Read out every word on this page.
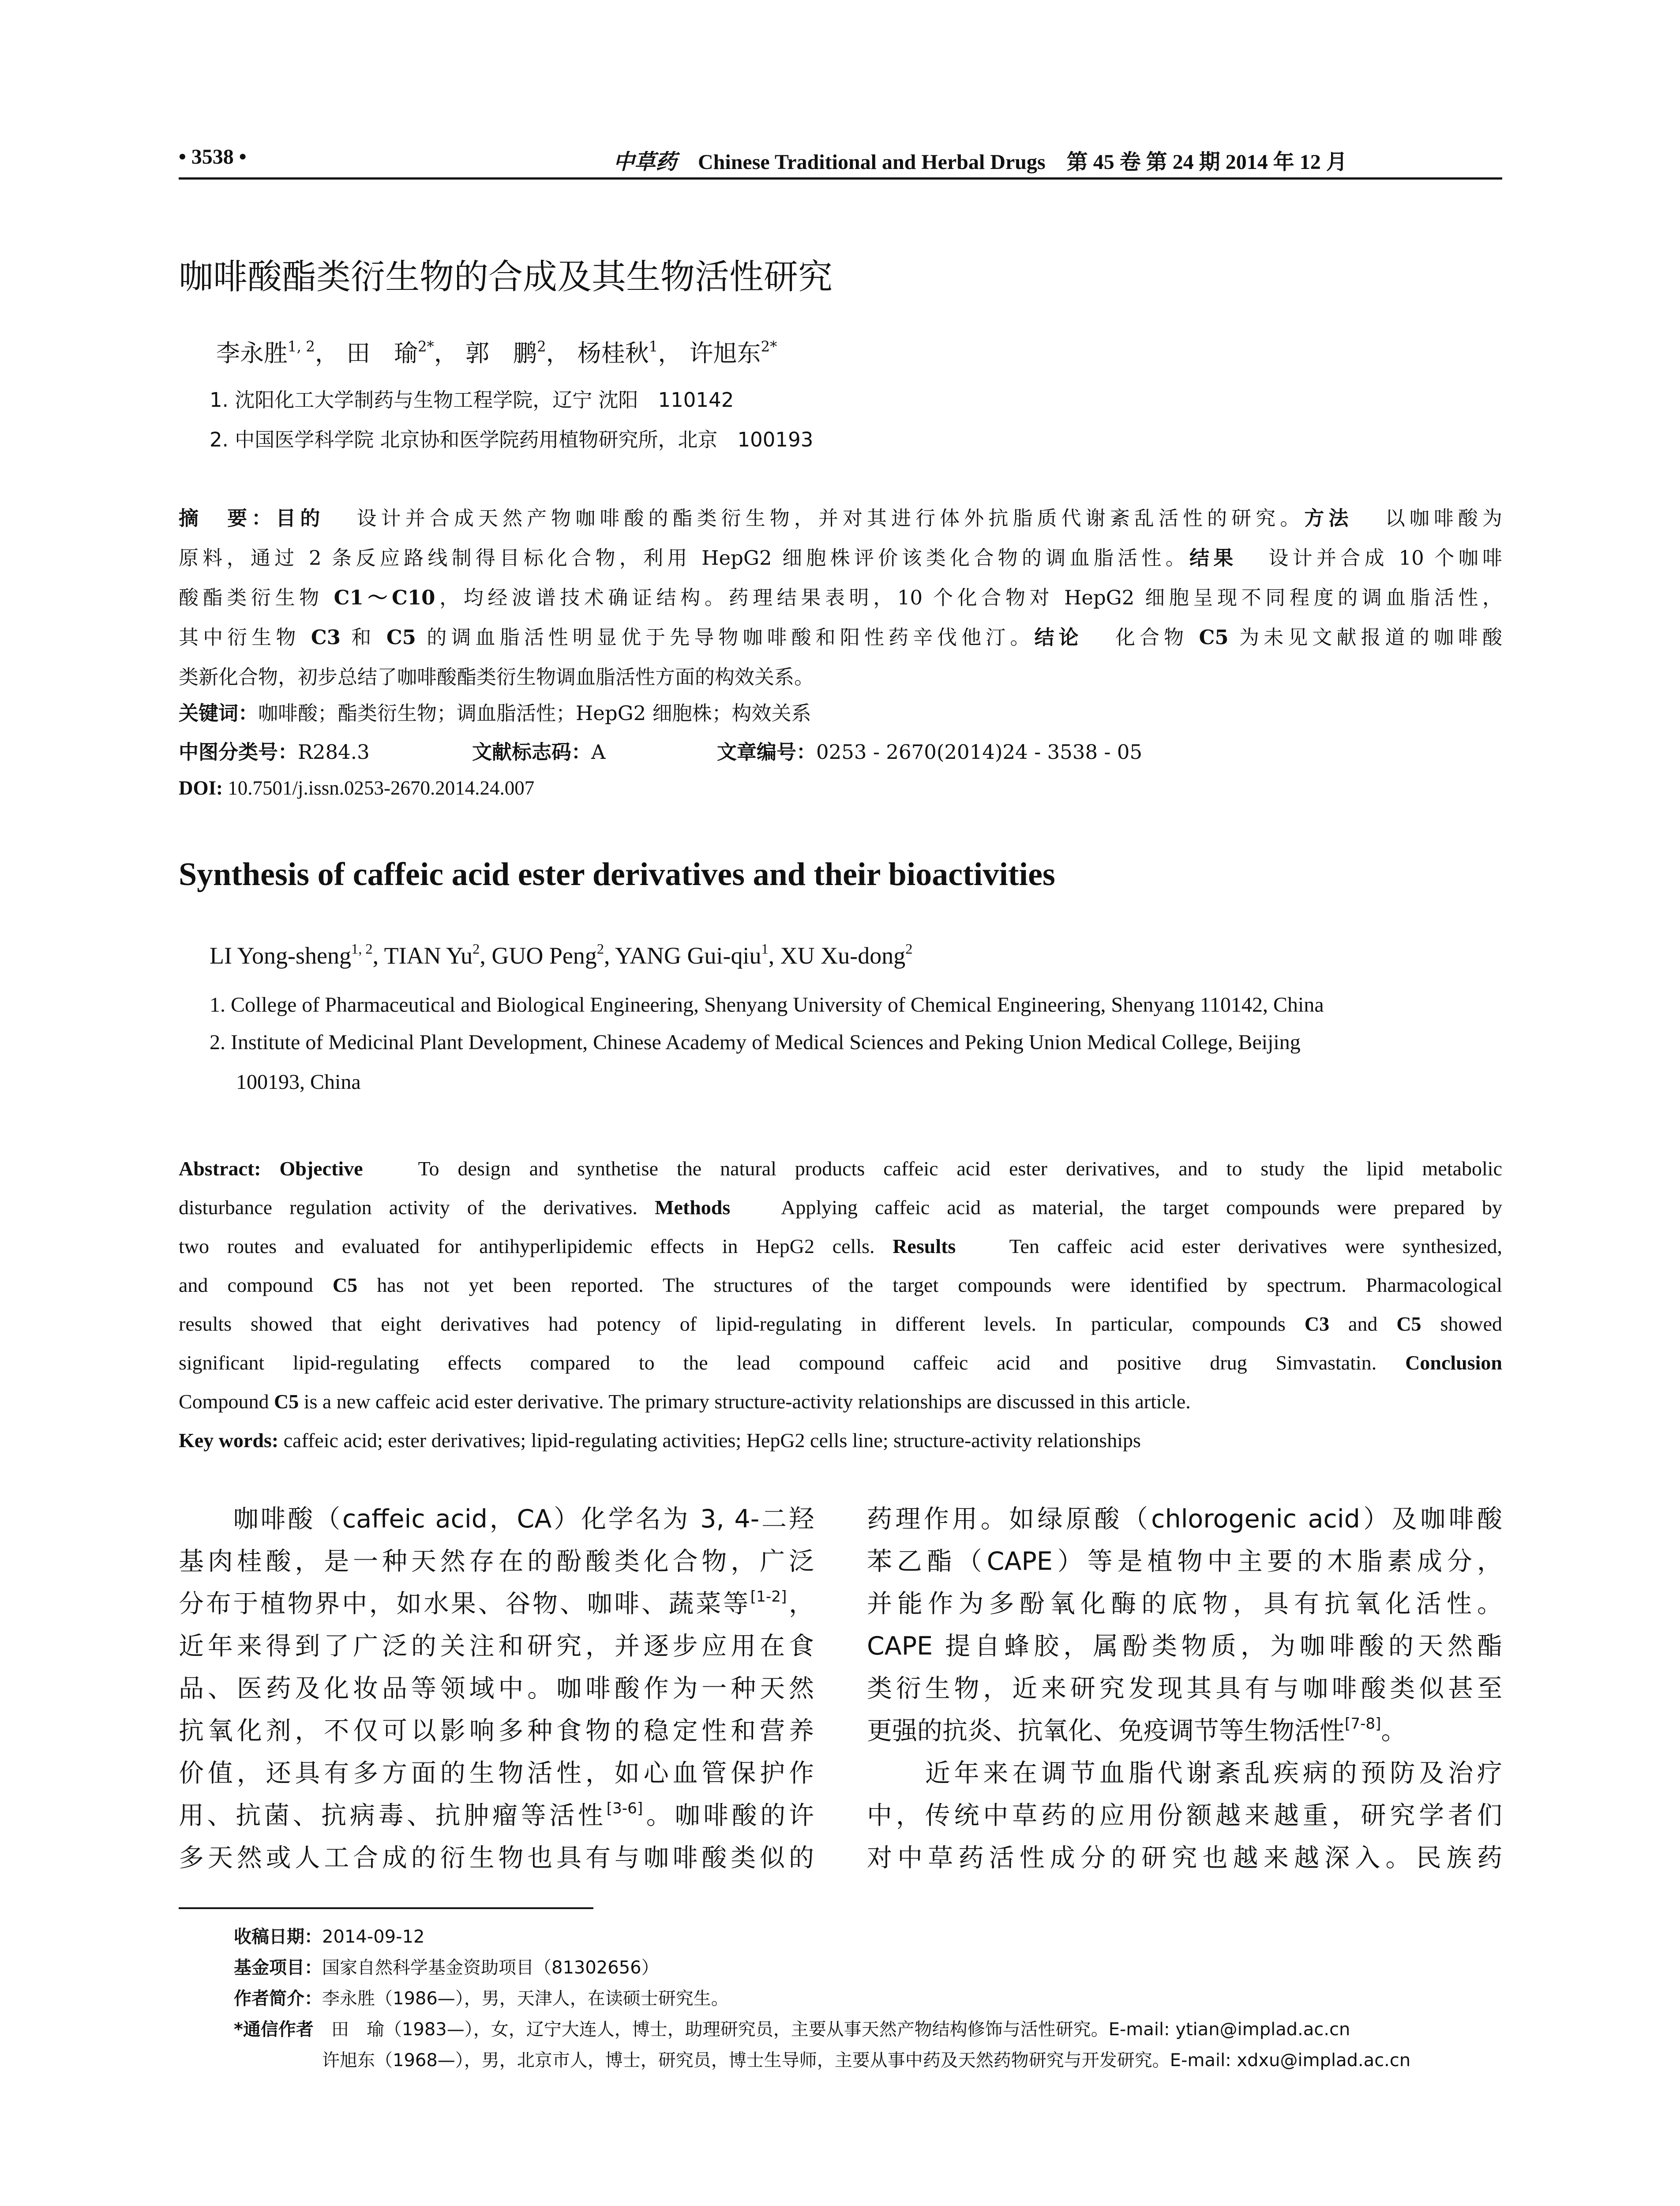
• 3538 •	中草药 Chinese Traditional and Herbal Drugs 第 45 卷 第 24 期 2014 年 12 月
咖啡酸酯类衍生物的合成及其生物活性研究
李永胜$^{1, 2}$， 田　瑜$^{2*}$， 郭　鹏$^2$， 杨桂秋$^1$， 许旭东$^{2*}$
1. 沈阳化工大学制药与生物工程学院，辽宁 沈阳　110142
2. 中国医学科学院 北京协和医学院药用植物研究所，北京　100193
摘　要：目的 设计并合成天然产物咖啡酸的酯类衍生物，并对其进行体外抗脂质代谢紊乱活性的研究。方法 以咖啡酸为
原料，通过 2 条反应路线制得目标化合物，利用 HepG2 细胞株评价该类化合物的调血脂活性。结果 设计并合成 10 个咖啡
酸酯类衍生物 C1～C10，均经波谱技术确证结构。药理结果表明，10 个化合物对 HepG2 细胞呈现不同程度的调血脂活性，
其中衍生物 C3 和 C5 的调血脂活性明显优于先导物咖啡酸和阳性药辛伐他汀。结论 化合物 C5 为未见文献报道的咖啡酸
类新化合物，初步总结了咖啡酸酯类衍生物调血脂活性方面的构效关系。
关键词：咖啡酸；酯类衍生物；调血脂活性；HepG2 细胞株；构效关系
中图分类号：R284.3	文献标志码：A	文章编号：0253 - 2670(2014)24 - 3538 - 05
DOI: 10.7501/j.issn.0253-2670.2014.24.007
Synthesis of caffeic acid ester derivatives and their bioactivities
LI Yong-sheng$^{1, 2}$, TIAN Yu$^2$, GUO Peng$^2$, YANG Gui-qiu$^1$, XU Xu-dong$^2$
1. College of Pharmaceutical and Biological Engineering, Shenyang University of Chemical Engineering, Shenyang 110142, China
2. Institute of Medicinal Plant Development, Chinese Academy of Medical Sciences and Peking Union Medical College, Beijing
100193, China
Abstract: Objective	To design and synthetise the natural products caffeic acid ester derivatives, and to study the lipid metabolic
disturbance regulation activity of the derivatives. Methods Applying caffeic acid as material, the target compounds were prepared by
two routes and evaluated for antihyperlipidemic effects in HepG2 cells. Results	Ten caffeic acid ester derivatives were synthesized,
and compound C5 has not yet been reported. The structures of the target compounds were identified by spectrum. Pharmacological
results showed that eight derivatives had potency of lipid-regulating in different levels. In particular, compounds C3 and C5 showed
significant lipid-regulating effects compared to the lead compound caffeic acid and positive drug Simvastatin. Conclusion
Compound C5 is a new caffeic acid ester derivative. The primary structure-activity relationships are discussed in this article.
Key words: caffeic acid; ester derivatives; lipid-regulating activities; HepG2 cells line; structure-activity relationships
　　咖啡酸（caffeic acid，CA）化学名为 3, 4-二羟
基肉桂酸，是一种天然存在的酚酸类化合物，广泛
分布于植物界中，如水果、谷物、咖啡、蔬菜等[1-2]，
近年来得到了广泛的关注和研究，并逐步应用在食
品、医药及化妆品等领域中。咖啡酸作为一种天然
抗氧化剂，不仅可以影响多种食物的稳定性和营养
价值，还具有多方面的生物活性，如心血管保护作
用、抗菌、抗病毒、抗肿瘤等活性[3-6]。咖啡酸的许
多天然或人工合成的衍生物也具有与咖啡酸类似的
药理作用。如绿原酸（chlorogenic acid）及咖啡酸
苯乙酯（CAPE）等是植物中主要的木脂素成分，
并能作为多酚氧化酶的底物，具有抗氧化活性。
CAPE 提自蜂胶，属酚类物质，为咖啡酸的天然酯
类衍生物，近来研究发现其具有与咖啡酸类似甚至
更强的抗炎、抗氧化、免疫调节等生物活性[7-8]。
　　近年来在调节血脂代谢紊乱疾病的预防及治疗
中，传统中草药的应用份额越来越重，研究学者们
对中草药活性成分的研究也越来越深入。民族药
收稿日期：2014-09-12
基金项目：国家自然科学基金资助项目（81302656）
作者简介：李永胜（1986—），男，天津人，在读硕士研究生。
*通信作者　田　瑜（1983—），女，辽宁大连人，博士，助理研究员，主要从事天然产物结构修饰与活性研究。E-mail: ytian@implad.ac.cn
　　　　　许旭东（1968—），男，北京市人，博士，研究员，博士生导师，主要从事中药及天然药物研究与开发研究。E-mail: xdxu@implad.ac.cn
